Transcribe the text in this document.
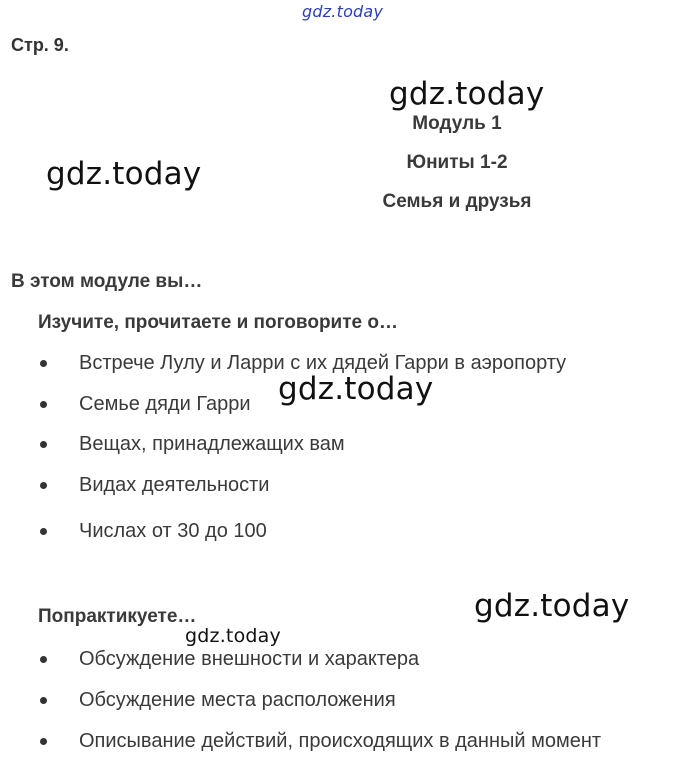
gdz.today
gdz.today
gdz.today
gdz.today
gdz.today
gdz.today
Стр. 9.
Модуль 1
Юниты 1-2
Семья и друзья
В этом модуле вы…
Изучите, прочитаете и поговорите о…
Встрече Лулу и Ларри с их дядей Гарри в аэропорту
Семье дяди Гарри
Вещах, принадлежащих вам
Видах деятельности
Числах от 30 до 100
Попрактикуете…
Обсуждение внешности и характера
Обсуждение места расположения
Описывание действий, происходящих в данный момент
